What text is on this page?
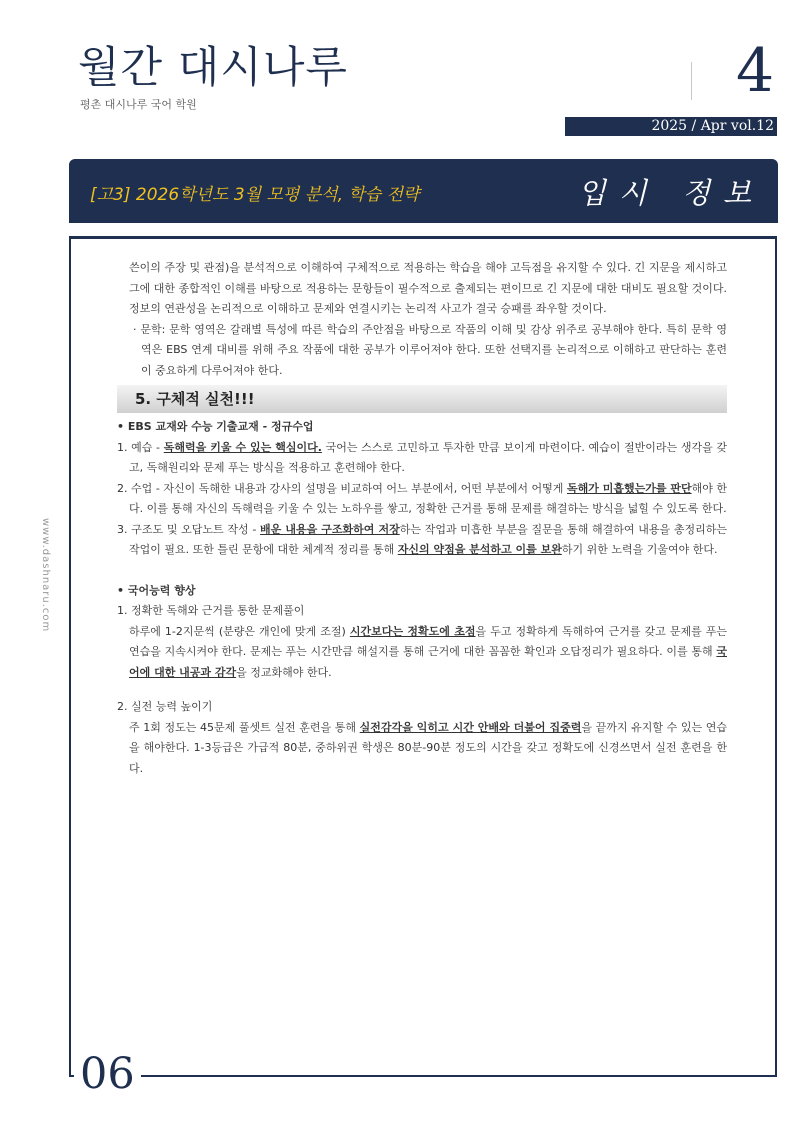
월간 대시나루
평촌 대시나루 국어 학원	4
2025 / Apr vol.12
[고3] 2026학년도 3월 모평 분석, 학습 전략	입시 정보
www.dashnaru.com
06

쓴이의 주장 및 관점)을 분석적으로 이해하여 구체적으로 적용하는 학습을 해야 고득점을 유지할 수 있다. 긴 지문을 제시하고 그에 대한 종합적인 이해를 바탕으로 적용하는 문항들이 필수적으로 출제되는 편이므로 긴 지문에 대한 대비도 필요할 것이다. 정보의 연관성을 논리적으로 이해하고 문제와 연결시키는 논리적 사고가 결국 승패를 좌우할 것이다.

· 문학: 문학 영역은 갈래별 특성에 따른 학습의 주안점을 바탕으로 작품의 이해 및 감상 위주로 공부해야 한다. 특히 문학 영역은 EBS 연계 대비를 위해 주요 작품에 대한 공부가 이루어져야 한다. 또한 선택지를 논리적으로 이해하고 판단하는 훈련이 중요하게 다루어져야 한다.

5. 구체적 실천!!!

• EBS 교재와 수능 기출교재 - 정규수업

1. 예습 - 독해력을 키울 수 있는 핵심이다. 국어는 스스로 고민하고 투자한 만큼 보이게 마련이다. 예습이 절반이라는 생각을 갖고, 독해원리와 문제 푸는 방식을 적용하고 훈련해야 한다.

2. 수업 - 자신이 독해한 내용과 강사의 설명을 비교하여 어느 부분에서, 어떤 부분에서 어떻게 독해가 미흡했는가를 판단해야 한다. 이를 통해 자신의 독해력을 키울 수 있는 노하우를 쌓고, 정확한 근거를 통해 문제를 해결하는 방식을 넓힐 수 있도록 한다.

3. 구조도 및 오답노트 작성 - 배운 내용을 구조화하여 저장하는 작업과 미흡한 부분을 질문을 통해 해결하여 내용을 총정리하는 작업이 필요. 또한 틀린 문항에 대한 체계적 정리를 통해 자신의 약점을 분석하고 이를 보완하기 위한 노력을 기울여야 한다.

• 국어능력 향상

1. 정확한 독해와 근거를 통한 문제풀이

하루에 1-2지문씩 (분량은 개인에 맞게 조절) 시간보다는 정확도에 초점을 두고 정확하게 독해하여 근거를 갖고 문제를 푸는 연습을 지속시켜야 한다. 문제는 푸는 시간만큼 해설지를 통해 근거에 대한 꼼꼼한 확인과 오답정리가 필요하다. 이를 통해 국어에 대한 내공과 감각을 정교화해야 한다.

2. 실전 능력 높이기

주 1회 정도는 45문제 풀셋트 실전 훈련을 통해 실전감각을 익히고 시간 안배와 더불어 집중력을 끝까지 유지할 수 있는 연습을 해야한다. 1-3등급은 가급적 80분, 중하위권 학생은 80분-90분 정도의 시간을 갖고 정확도에 신경쓰면서 실전 훈련을 한다.
